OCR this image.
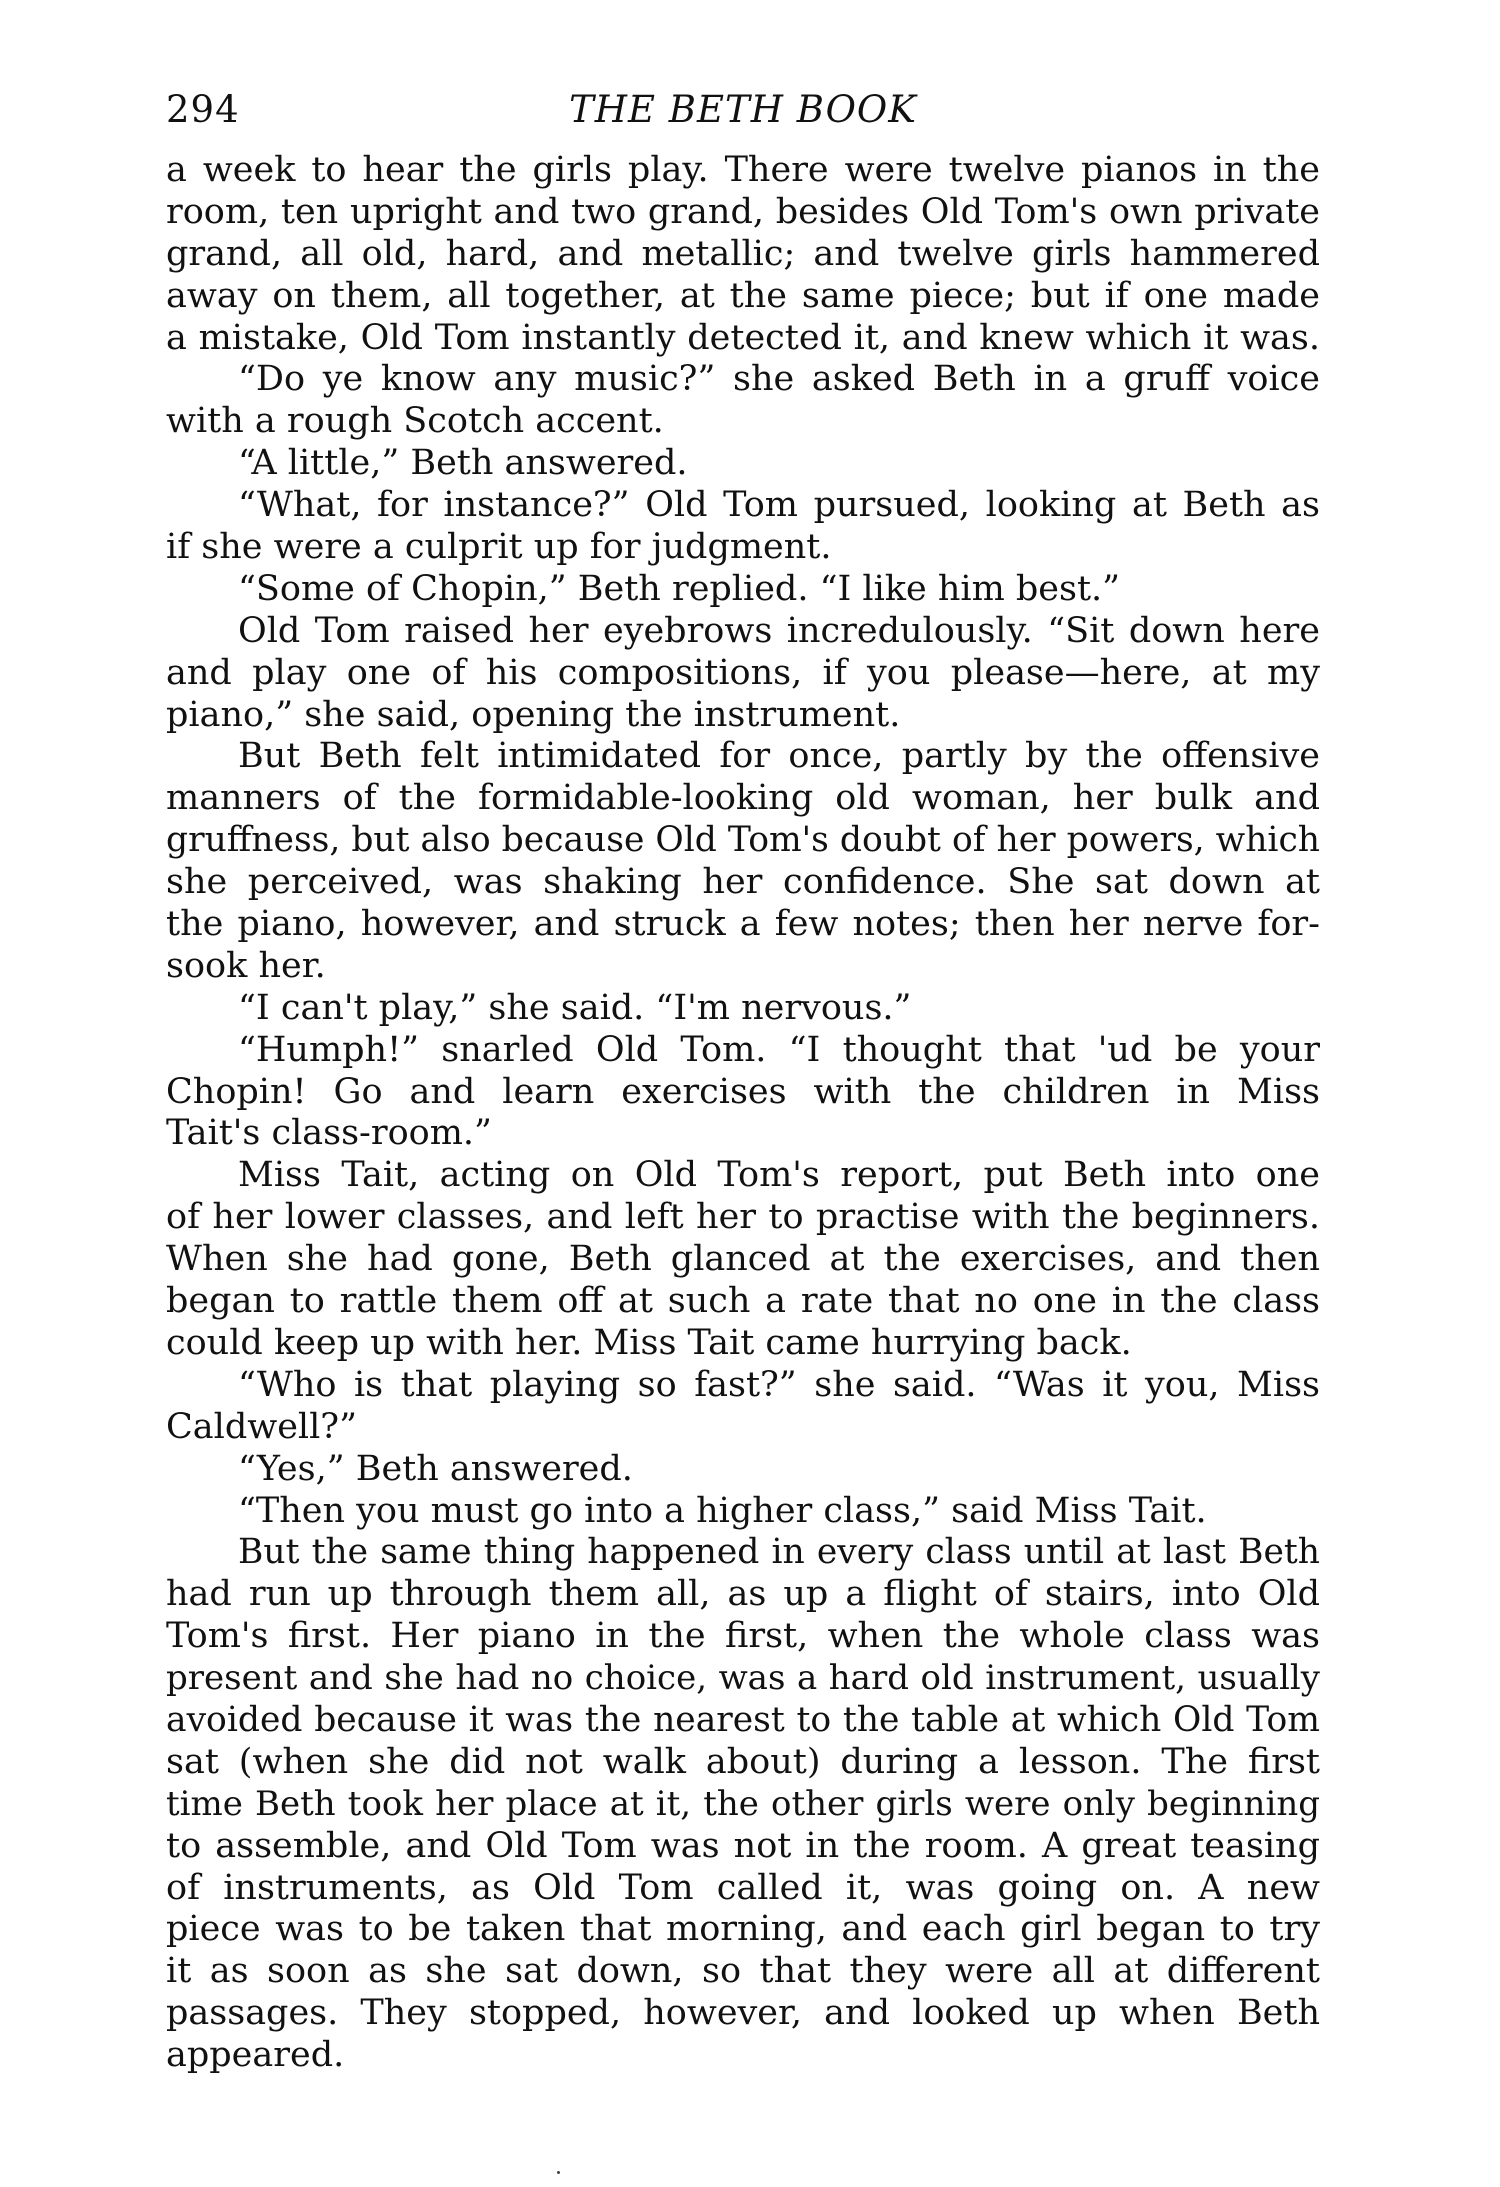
294	THE BETH BOOK
a week to hear the girls play. There were twelve pianos in the
room, ten upright and two grand, besides Old Tom's own private
grand, all old, hard, and metallic; and twelve girls hammered
away on them, all together, at the same piece; but if one made
a mistake, Old Tom instantly detected it, and knew which it was.
“Do ye know any music?” she asked Beth in a gruff voice
with a rough Scotch accent.
“A little,” Beth answered.
“What, for instance?” Old Tom pursued, looking at Beth as
if she were a culprit up for judgment.
“Some of Chopin,” Beth replied. “I like him best.”
Old Tom raised her eyebrows incredulously. “Sit down here
and play one of his compositions, if you please—here, at my
piano,” she said, opening the instrument.
But Beth felt intimidated for once, partly by the offensive
manners of the formidable-looking old woman, her bulk and
gruffness, but also because Old Tom's doubt of her powers, which
she perceived, was shaking her confidence. She sat down at
the piano, however, and struck a few notes; then her nerve for-
sook her.
“I can't play,” she said. “I'm nervous.”
“Humph!” snarled Old Tom. “I thought that 'ud be your
Chopin! Go and learn exercises with the children in Miss
Tait's class-room.”
Miss Tait, acting on Old Tom's report, put Beth into one
of her lower classes, and left her to practise with the beginners.
When she had gone, Beth glanced at the exercises, and then
began to rattle them off at such a rate that no one in the class
could keep up with her. Miss Tait came hurrying back.
“Who is that playing so fast?” she said. “Was it you, Miss
Caldwell?”
“Yes,” Beth answered.
“Then you must go into a higher class,” said Miss Tait.
But the same thing happened in every class until at last Beth
had run up through them all, as up a flight of stairs, into Old
Tom's first. Her piano in the first, when the whole class was
present and she had no choice, was a hard old instrument, usually
avoided because it was the nearest to the table at which Old Tom
sat (when she did not walk about) during a lesson. The first
time Beth took her place at it, the other girls were only beginning
to assemble, and Old Tom was not in the room. A great teasing
of instruments, as Old Tom called it, was going on. A new
piece was to be taken that morning, and each girl began to try
it as soon as she sat down, so that they were all at different
passages. They stopped, however, and looked up when Beth
appeared.
